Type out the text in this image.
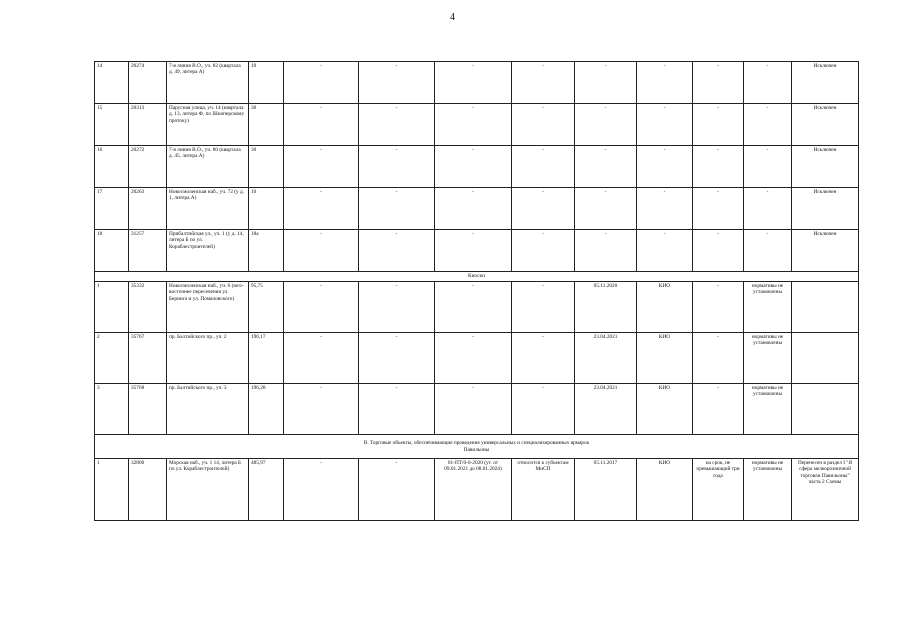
4
14	20274	7-я линия В.О., уч. 82 (квартала д. 49, литера А)	10	-	-	-	-	-	-	-	-	Исключен
15	20313	Парусная улица, уч. 14 (квартала д. 13, литера Ф, по Шкиперскому протоку)	30	-	-	-	-	-	-	-	-	Исключен
16	20272	7-я линия В.О., уч. 80 (квартала д. 45, литера А)	30	-	-	-	-	-	-	-	-	Исключен
17	20263	Новосмоленская наб., уч. 72 (у д. 1, литера А)	10	-	-	-	-	-	-	-	-	Исключен
18	31257	Прибалтийская ул., уч. 1 (у д. 14, литера Б по ул. Кораблестроителей)	18а	-	-	-	-	-	-	-	-	Исключен
Киоски												
1	35332	Новосмоленская наб., уч. 6 (юго-восточнее пересечения ул. Беринга и ул. Помяловского)	95,75	-	-	-	-	05.11.2020	КИО	-	нормативы не установлены	
2	35767	пр. Балтийского пр., уч. 2	196,17	-	-	-	-	23.04.2021	КИО	-	нормативы не установлены	
3	35768	пр. Балтийского пр., уч. 3	196,28	-	-	-	-	23.04.2021	КИО	-	нормативы не установлены	

В. Торговые объекты, обеспечивающие проведение универсальных и специализированных ярмарок
Павильоны												

1	32800	Морская наб., уч. 1 14, литера Б по ул. Кораблестроителей)	485,97	-	-	01-ПТ/0-0-2020 (ут. от 09.01.2021 до 08.01.2024)	относится к субъектам МиСП	05.11.2017	КИО	на срок, не превышающий три года	нормативы не установлены	Перенесен в раздел I "Я сфера мелкорозничной торговли Павильоны" часть 2 Схемы
